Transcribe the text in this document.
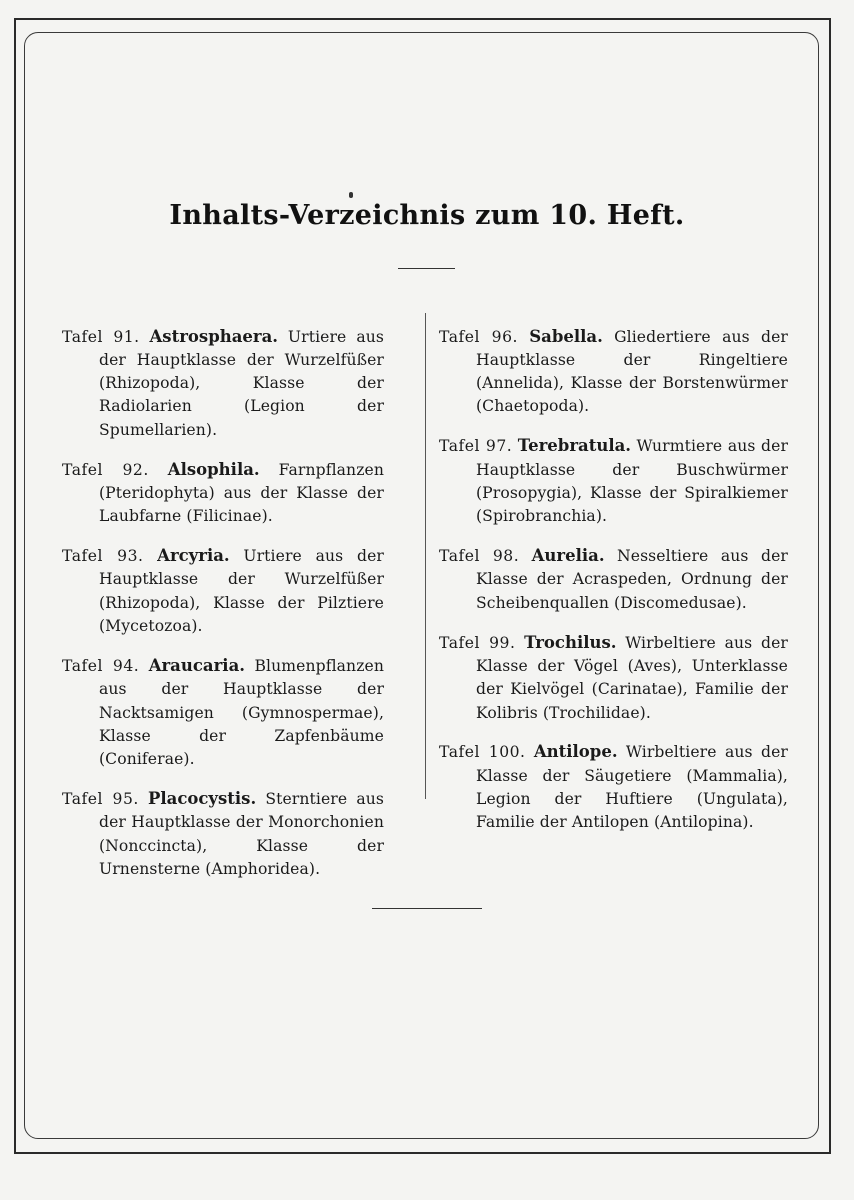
Inhalts-Verzeichnis zum 10. Heft.

Tafel 91. Astrosphaera. Urtiere aus der Hauptklasse der Wurzelfüßer (Rhizopoda), Klasse der Radiolarien (Legion der Spumellarien).

Tafel 92. Alsophila. Farnpflanzen (Pteridophyta) aus der Klasse der Laubfarne (Filicinae).

Tafel 93. Arcyria. Urtiere aus der Hauptklasse der Wurzelfüßer (Rhizopoda), Klasse der Pilztiere (Mycetozoa).

Tafel 94. Araucaria. Blumenpflanzen aus der Hauptklasse der Nacktsamigen (Gymnospermae), Klasse der Zapfenbäume (Coniferae).

Tafel 95. Placocystis. Sterntiere aus der Hauptklasse der Monorchonien (Nonccincta), Klasse der Urnensterne (Amphoridea).

Tafel 96. Sabella. Gliedertiere aus der Hauptklasse der Ringeltiere (Annelida), Klasse der Borstenwürmer (Chaetopoda).

Tafel 97. Terebratula. Wurmtiere aus der Hauptklasse der Buschwürmer (Prosopygia), Klasse der Spiralkiemer (Spirobranchia).

Tafel 98. Aurelia. Nesseltiere aus der Klasse der Acraspeden, Ordnung der Scheibenquallen (Discomedusae).

Tafel 99. Trochilus. Wirbeltiere aus der Klasse der Vögel (Aves), Unterklasse der Kielvögel (Carinatae), Familie der Kolibris (Trochilidae).

Tafel 100. Antilope. Wirbeltiere aus der Klasse der Säugetiere (Mammalia), Legion der Huftiere (Ungulata), Familie der Antilopen (Antilopina).
